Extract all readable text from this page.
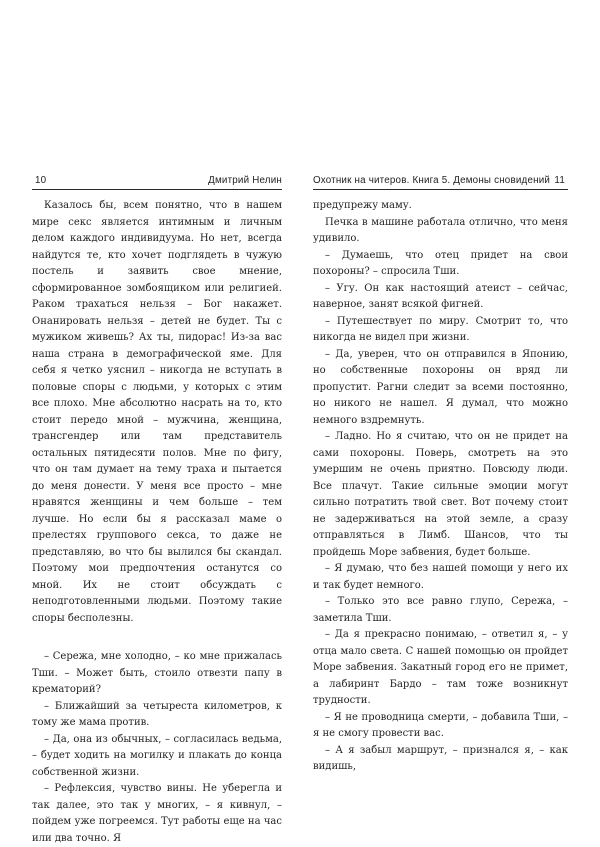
10	Дмитрий Нелин

Казалось бы, всем понятно, что в нашем мире секс является интимным и личным делом каждого индивидуума. Но нет, всегда найдутся те, кто хочет подглядеть в чужую постель и заявить свое мнение, сформированное зомбоящиком или религией. Раком трахаться нельзя – Бог накажет. Онанировать нельзя – детей не будет. Ты с мужиком живешь? Ах ты, пидорас! Из-за вас наша страна в демографической яме. Для себя я четко уяснил – никогда не вступать в половые споры с людьми, у которых с этим все плохо. Мне абсолютно насрать на то, кто стоит передо мной – мужчина, женщина, трансгендер или там представитель остальных пятидесяти полов. Мне по фигу, что он там думает на тему траха и пытается до меня донести. У меня все просто – мне нравятся женщины и чем больше – тем лучше. Но если бы я рассказал маме о прелестях группового секса, то даже не представляю, во что бы вылился бы скандал. Поэтому мои предпочтения останутся со мной. Их не стоит обсуждать с неподготовленными людьми. Поэтому такие споры бесполезны.

– Сережа, мне холодно, – ко мне прижалась Тши. – Может быть, стоило отвезти папу в крематорий?

– Ближайший за четыреста километров, к тому же мама против.

– Да, она из обычных, – согласилась ведьма, – будет ходить на могилку и плакать до конца собственной жизни.

– Рефлексия, чувство вины. Не уберегла и так далее, это так у многих, – я кивнул, – пойдем уже погреемся. Тут работы еще на час или два точно. Я

Охотник на читеров. Книга 5. Демоны сновидений 11

предупрежу маму.

Печка в машине работала отлично, что меня удивило.

– Думаешь, что отец придет на свои похороны? – спросила Тши.

– Угу. Он как настоящий атеист – сейчас, наверное, занят всякой фигней.

– Путешествует по миру. Смотрит то, что никогда не видел при жизни.

– Да, уверен, что он отправился в Японию, но собственные похороны он вряд ли пропустит. Рагни следит за всеми постоянно, но никого не нашел. Я думал, что можно немного вздремнуть.

– Ладно. Но я считаю, что он не придет на сами похороны. Поверь, смотреть на это умершим не очень приятно. Повсюду люди. Все плачут. Такие сильные эмоции могут сильно потратить твой свет. Вот почему стоит не задерживаться на этой земле, а сразу отправляться в Лимб. Шансов, что ты пройдешь Море забвения, будет больше.

– Я думаю, что без нашей помощи у него их и так будет немного.

– Только это все равно глупо, Сережа, – заметила Тши.

– Да я прекрасно понимаю, – ответил я, – у отца мало света. С нашей помощью он пройдет Море забвения. Закатный город его не примет, а лабиринт Бардо – там тоже возникнут трудности.

– Я не проводница смерти, – добавила Тши, – я не смогу провести вас.

– А я забыл маршрут, – признался я, – как видишь,
